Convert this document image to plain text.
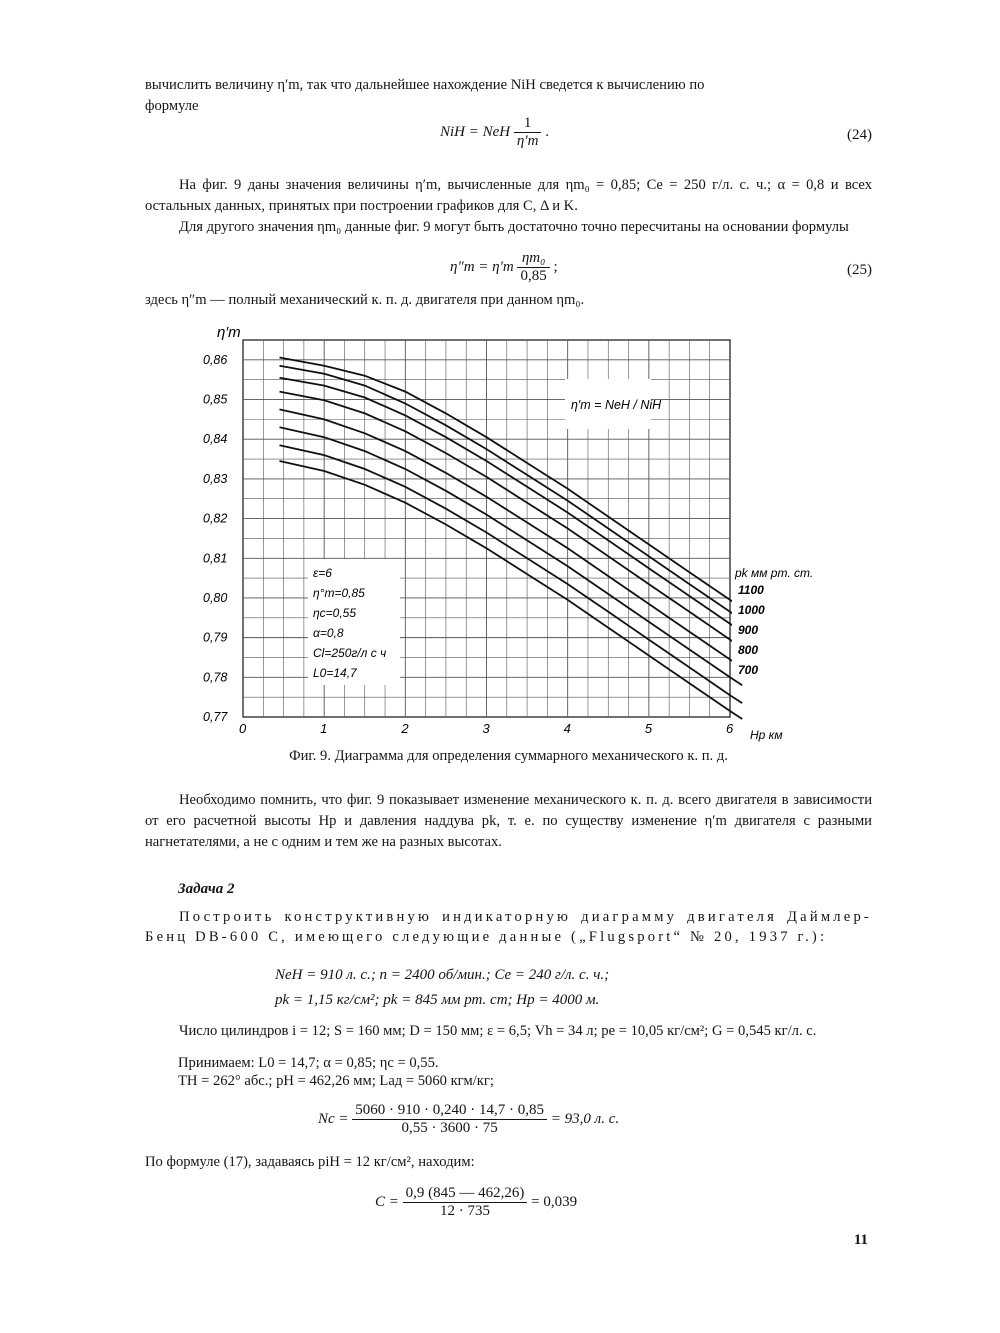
вычислить величину η′m, так что дальнейшее нахождение NiH сведется к вычислению по
формуле

NiH = NeH $\frac{1}{\eta'm}$ .	(24)

На фиг. 9 даны значения величины η′m, вычисленные для ηm₀ = 0,85; Ce = 250 г/л. с. ч.; α = 0,8 и всех остальных данных, принятых при построении графиков для C, Δ и K.

Для другого значения ηm₀ данные фиг. 9 могут быть достаточно точно пересчитаны на основании формулы

$\eta''m = \eta'm \frac{\text{ηm₀}}{0,85}$ ;	(25)

здесь η″m — полный механический к. п. д. двигателя при данном ηm₀.

0	1	2	3	4	5	6
0,86
0,85
0,84
0,83
0,82
0,81
0,80
0,79
0,78
0,77
η′m
Hp км
η′m = NeH / NiH
ε=6
η°m=0,85
ηc=0,55
α=0,8
Cl=250г/л с ч
L0=14,7
pk мм рт. ст.
1100
1000
900
800
700
Фиг. 9. Диаграмма для определения суммарного механического к. п. д.

Необходимо помнить, что фиг. 9 показывает изменение механического к. п. д. всего двигателя в зависимости от его расчетной высоты Hp и давления наддува pk, т. е. по существу изменение η′m двигателя с разными нагнетателями, а не с одним и тем же на разных высотах.

Задача 2

Построить конструктивную индикаторную диаграмму двигателя Даймлер-Бенц DB-600 C, имеющего следующие данные („Flugsport“ № 20, 1937 г.):

NeH = 910 л. с.; n = 2400 об/мин.; Ce = 240 г/л. с. ч.;
pk = 1,15 кг/см²; pk = 845 мм рт. ст; Hp = 4000 м.

Число цилиндров i = 12; S = 160 мм; D = 150 мм; ε = 6,5; Vh = 34 л; pe = 10,05 кг/см²; G = 0,545 кг/л. с.

Принимаем: L0 = 14,7; α = 0,85; ηc = 0,55.

TH = 262° абс.; pH = 462,26 мм; Lад = 5060 кгм/кг;

$Nc = \frac{5060 \cdot 910 \cdot 0,240 \cdot 14,7 \cdot 0,85}{0,55 \cdot 3600 \cdot 75} = 93,0$ л. с.

По формуле (17), задаваясь piH = 12 кг/см², находим:

$C = \frac{0,9 (845 — 462,26)}{12 \cdot 735} = 0,039$
11
